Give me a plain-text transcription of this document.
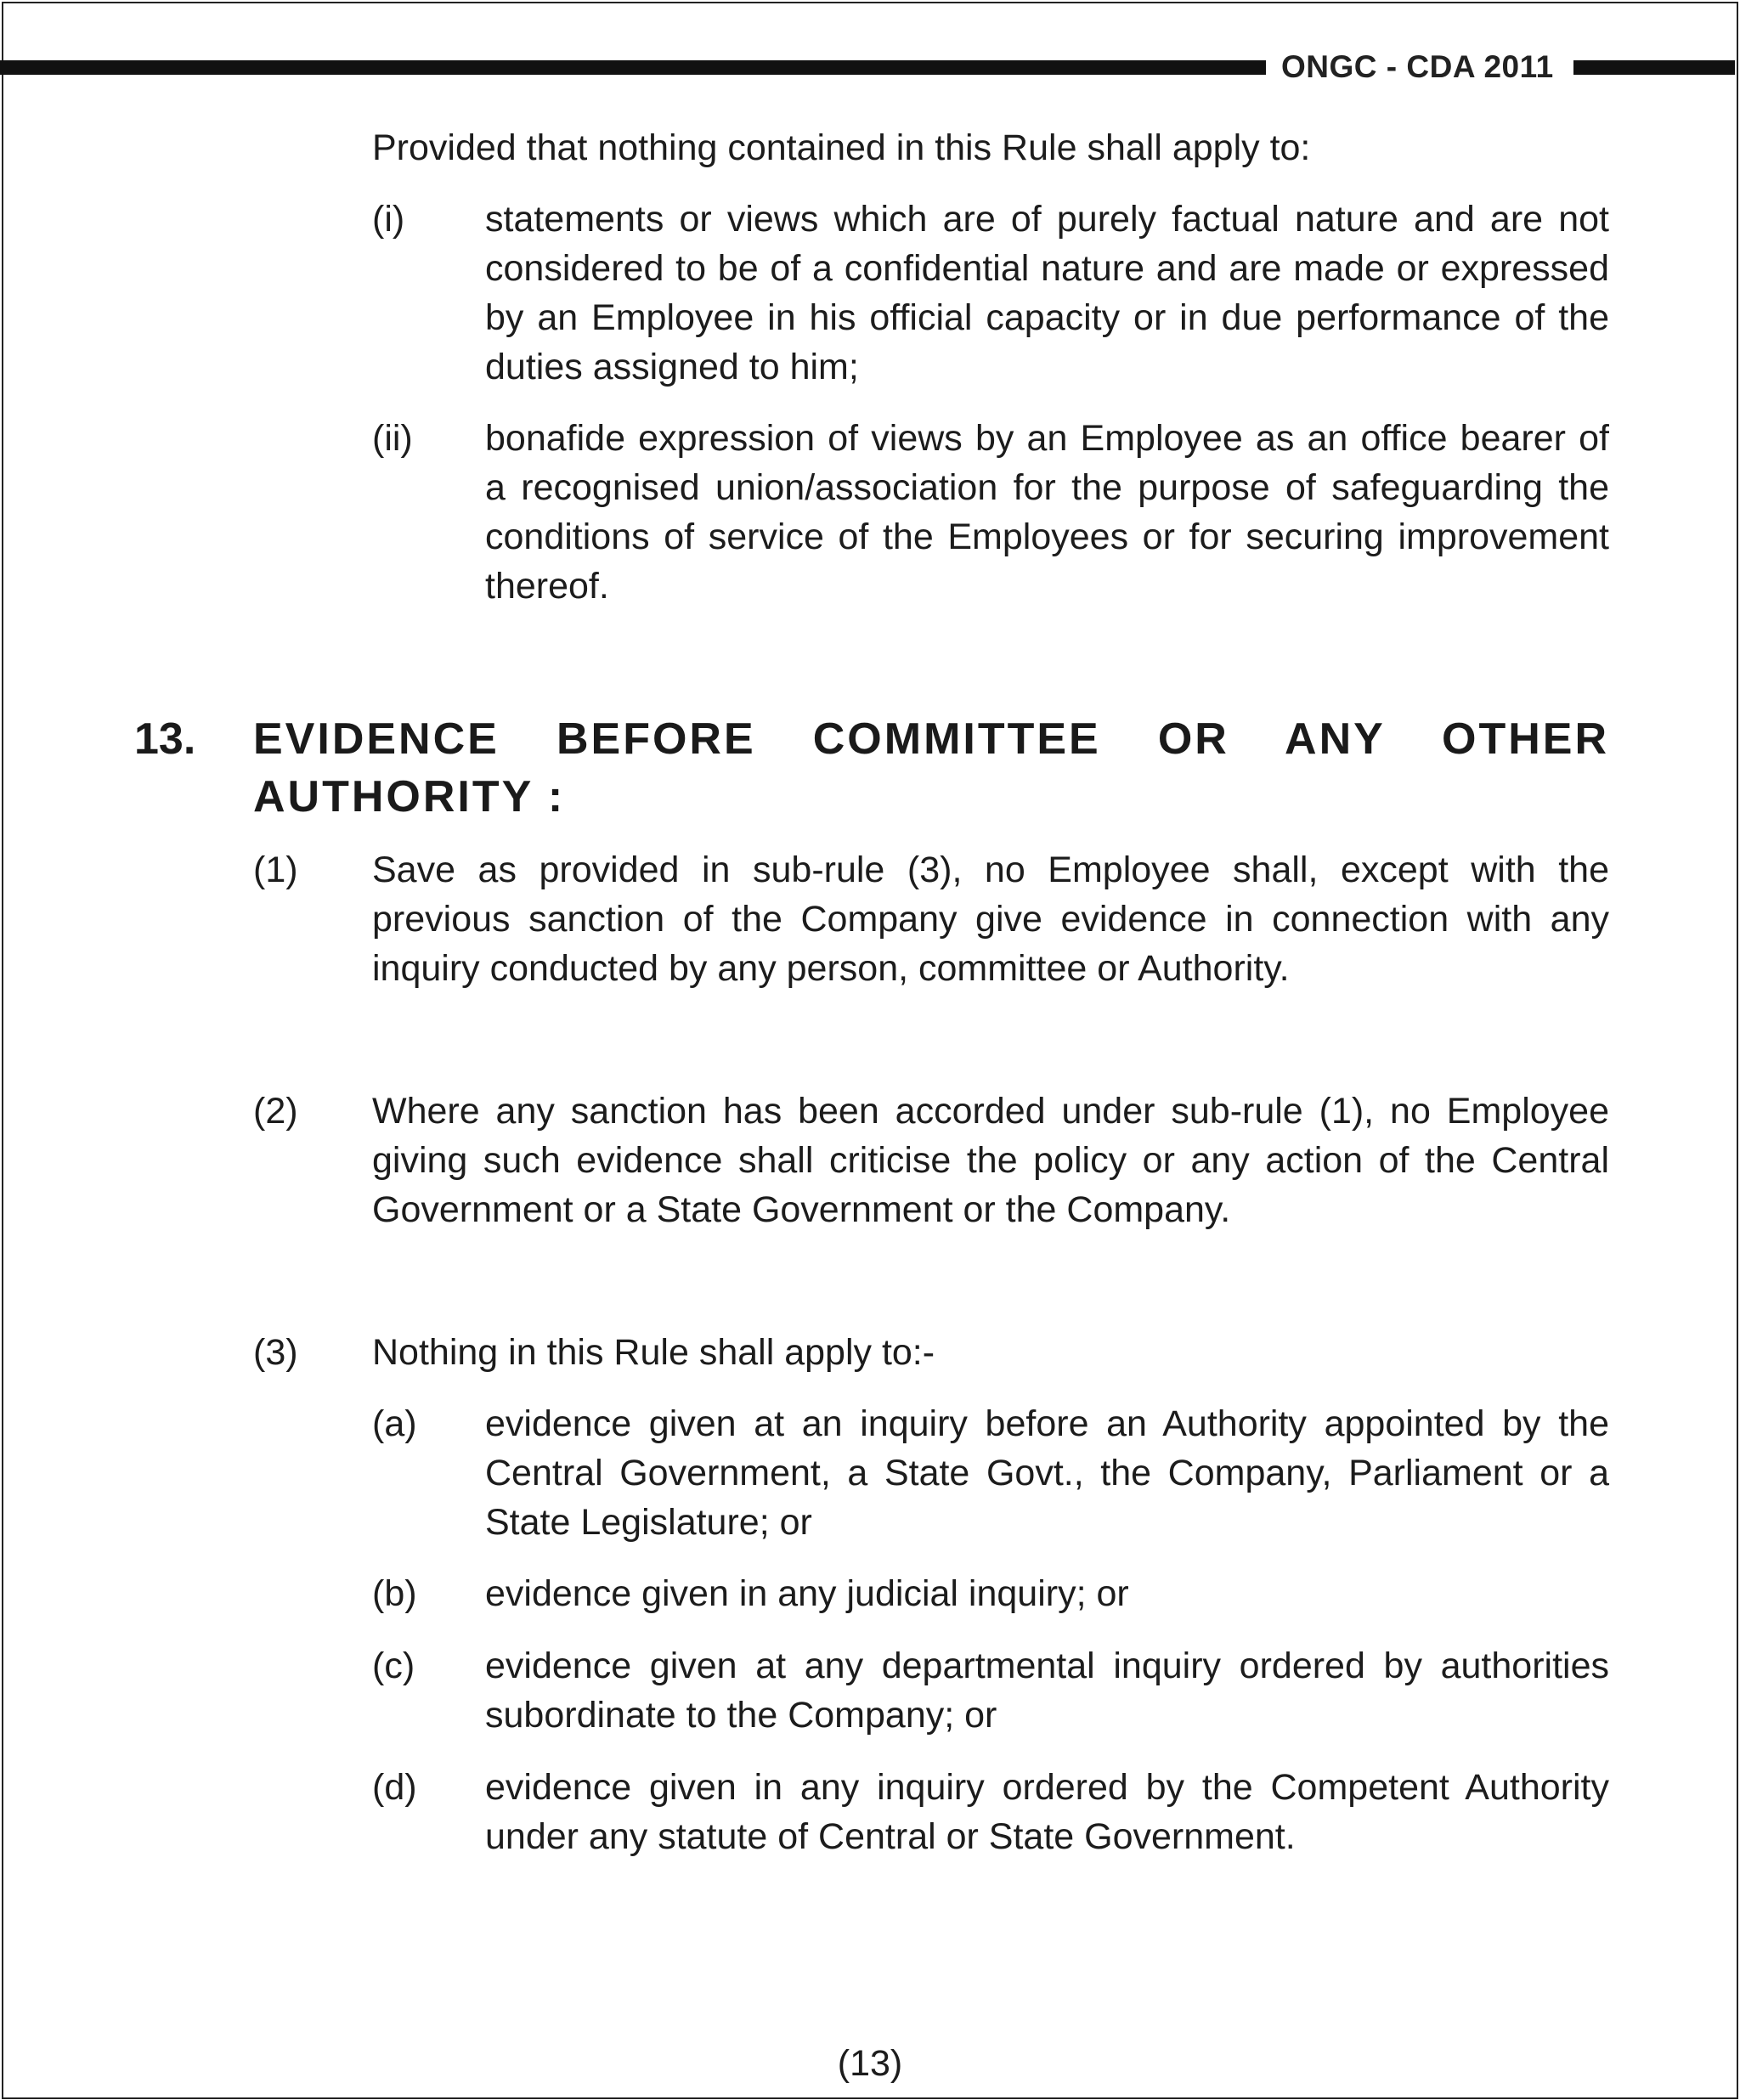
ONGC - CDA 2011
Provided that nothing contained in this Rule shall apply to:
(i) statements or views which are of purely factual nature and are not considered to be of a confidential nature and are made or expressed by an Employee in his official capacity or in due performance of the duties assigned to him;
(ii) bonafide expression of views by an Employee as an office bearer of a recognised union/association for the purpose of safeguarding the conditions of service of the Employees or for securing improvement thereof.
13. EVIDENCE BEFORE COMMITTEE OR ANY OTHER AUTHORITY :
(1) Save as provided in sub-rule (3), no Employee shall, except with the previous sanction of the Company give evidence in connection with any inquiry conducted by any person, committee or Authority.
(2) Where any sanction has been accorded under sub-rule (1), no Employee giving such evidence shall criticise the policy or any action of the Central Government or a State Government or the Company.
(3) Nothing in this Rule shall apply to:-
(a) evidence given at an inquiry before an Authority appointed by the Central Government, a State Govt., the Company, Parliament or a State Legislature; or
(b) evidence given in any judicial inquiry; or
(c) evidence given at any departmental inquiry ordered by authorities subordinate to the Company; or
(d) evidence given in any inquiry ordered by the Competent Authority under any statute of Central or State Government.
(13)
